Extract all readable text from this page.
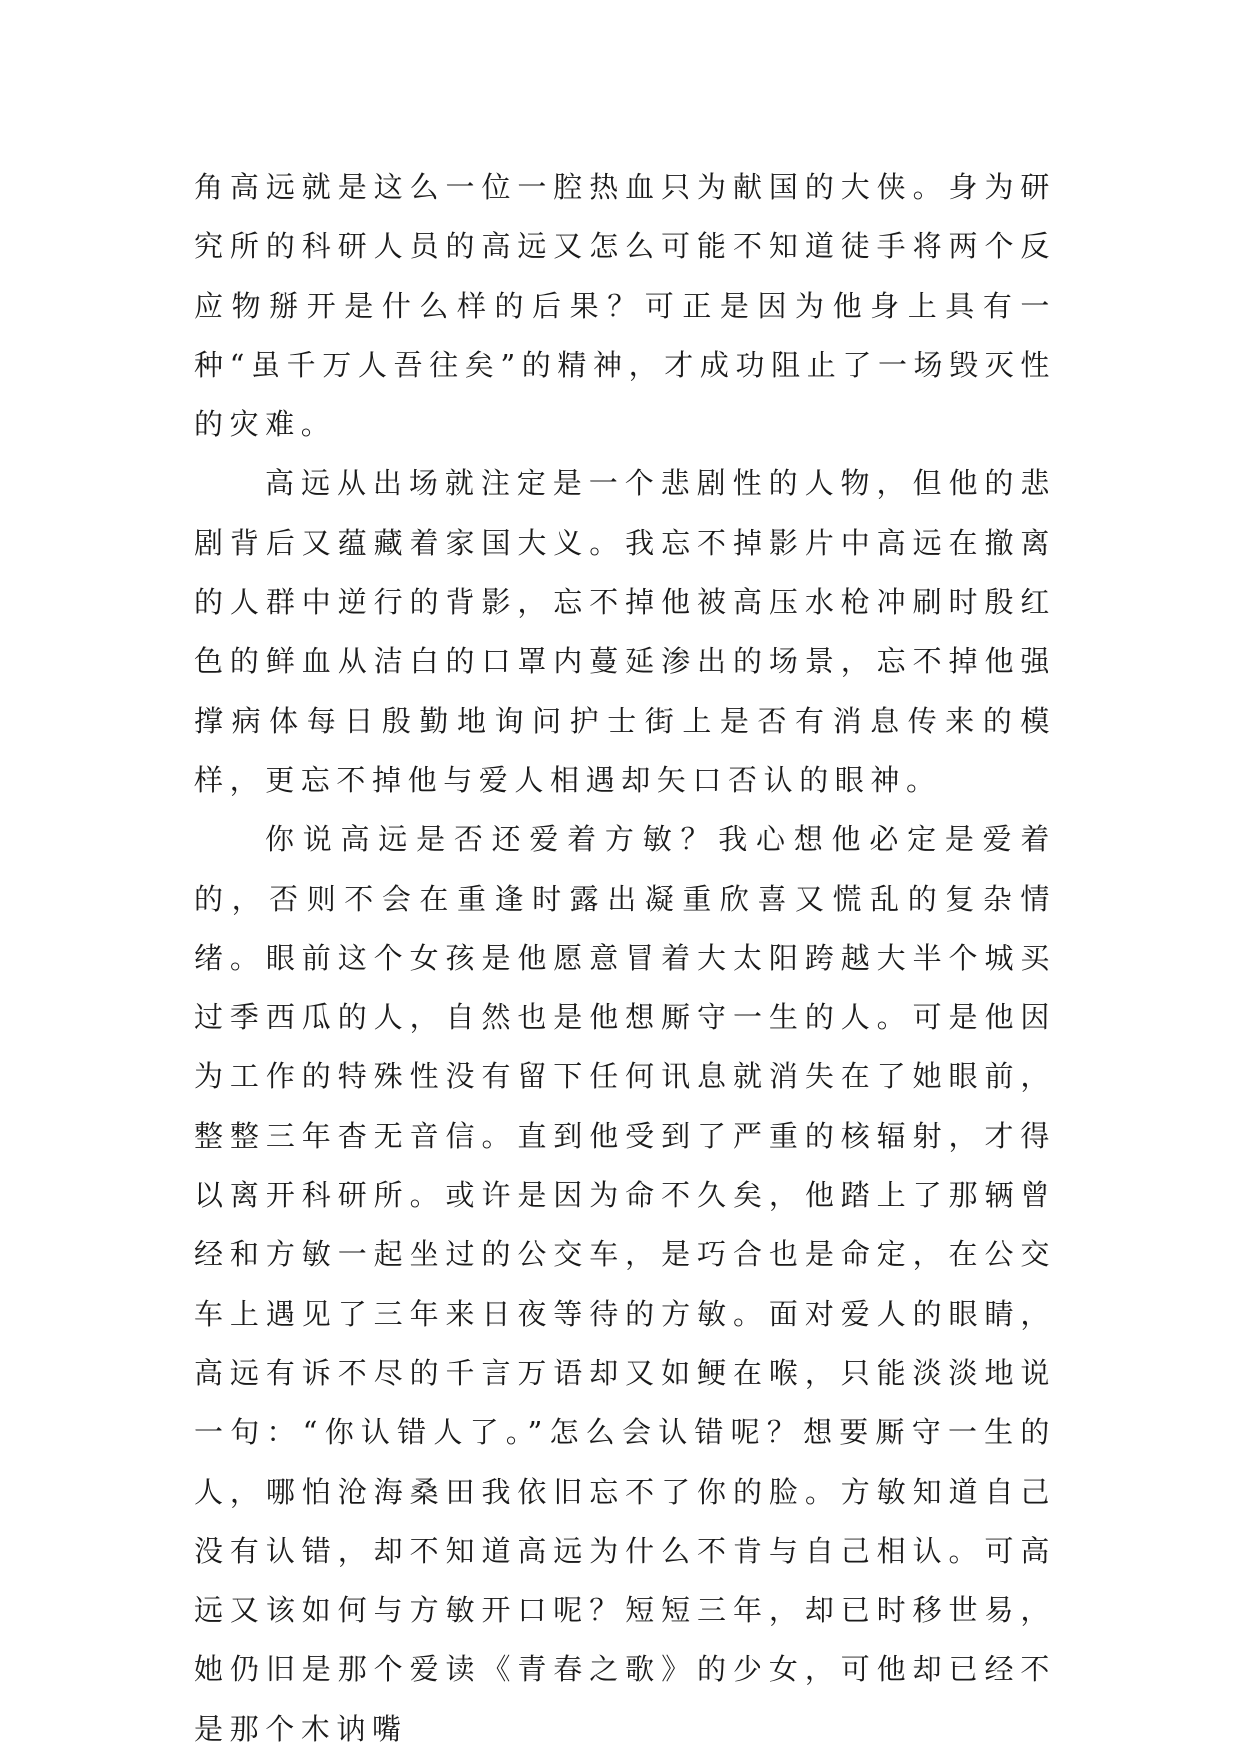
角高远就是这么一位一腔热血只为献国的大侠。身为研究所的科研人员的高远又怎么可能不知道徒手将两个反应物掰开是什么样的后果？可正是因为他身上具有一种“虽千万人吾往矣”的精神，才成功阻止了一场毁灭性的灾难。

高远从出场就注定是一个悲剧性的人物，但他的悲剧背后又蕴藏着家国大义。我忘不掉影片中高远在撤离的人群中逆行的背影，忘不掉他被高压水枪冲刷时殷红色的鲜血从洁白的口罩内蔓延渗出的场景，忘不掉他强撑病体每日殷勤地询问护士街上是否有消息传来的模样，更忘不掉他与爱人相遇却矢口否认的眼神。

你说高远是否还爱着方敏？我心想他必定是爱着的，否则不会在重逢时露出凝重欣喜又慌乱的复杂情绪。眼前这个女孩是他愿意冒着大太阳跨越大半个城买过季西瓜的人，自然也是他想厮守一生的人。可是他因为工作的特殊性没有留下任何讯息就消失在了她眼前，整整三年杳无音信。直到他受到了严重的核辐射，才得以离开科研所。或许是因为命不久矣，他踏上了那辆曾经和方敏一起坐过的公交车，是巧合也是命定，在公交车上遇见了三年来日夜等待的方敏。面对爱人的眼睛，高远有诉不尽的千言万语却又如鲠在喉，只能淡淡地说一句：“你认错人了。”怎么会认错呢？想要厮守一生的人，哪怕沧海桑田我依旧忘不了你的脸。方敏知道自己没有认错，却不知道高远为什么不肯与自己相认。可高远又该如何与方敏开口呢？短短三年，却已时移世易，她仍旧是那个爱读《青春之歌》的少女，可他却已经不是那个木讷嘴
